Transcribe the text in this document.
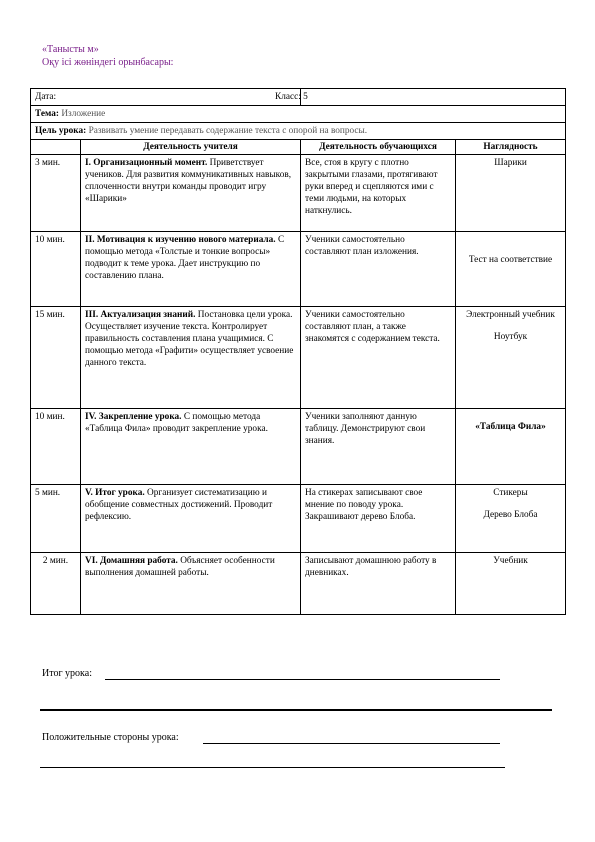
«Танысты м»
Оқу ісі жөніндегі орынбасары:
Дата:		Класс: 5	
Тема: Изложение			
Цель урока: Развивать умение передавать содержание текста с опорой на вопросы.			
	Деятельность учителя	Деятельность обучающихся	Наглядность
3 мин.	I. Организационный момент. Приветствует учеников. Для развития коммуникативных навыков, сплоченности внутри команды проводит игру «Шарики»	Все, стоя в кругу с плотно закрытыми глазами, протягивают руки вперед и сцепляются ими с теми людьми, на которых наткнулись.	Шарики

10 мин.	II. Мотивация к изучению нового материала. С помощью метода «Толстые и тонкие вопросы» подводит к теме урока. Дает инструкцию по составлению плана.	Ученики самостоятельно составляют план изложения.	Тест на соответствие

15 мин.	III. Актуализация знаний. Постановка цели урока. Осуществляет изучение текста. Контролирует правильность составления плана учащимися. С помощью метода «Графити» осуществляет усвоение данного текста.	Ученики самостоятельно составляют план, а также знакомятся с содержанием текста.	Электронный учебник

Ноутбук

10 мин.	IV. Закрепление урока. С помощью метода «Таблица Фила» проводит закрепление урока.	Ученики заполняют данную таблицу. Демонстрируют свои знания.	«Таблица Фила»

5 мин.	V. Итог урока. Организует систематизацию и обобщение совместных достижений. Проводит рефлексию.	На стикерах записывают свое мнение по поводу урока. Закрашивают дерево Блоба.	Стикеры

Дерево Блоба

2 мин.	VI. Домашняя работа. Объясняет особенности выполнения домашней работы.	Записывают домашнюю работу в дневниках.	Учебник

Итог урока:
Положительные стороны урока:
